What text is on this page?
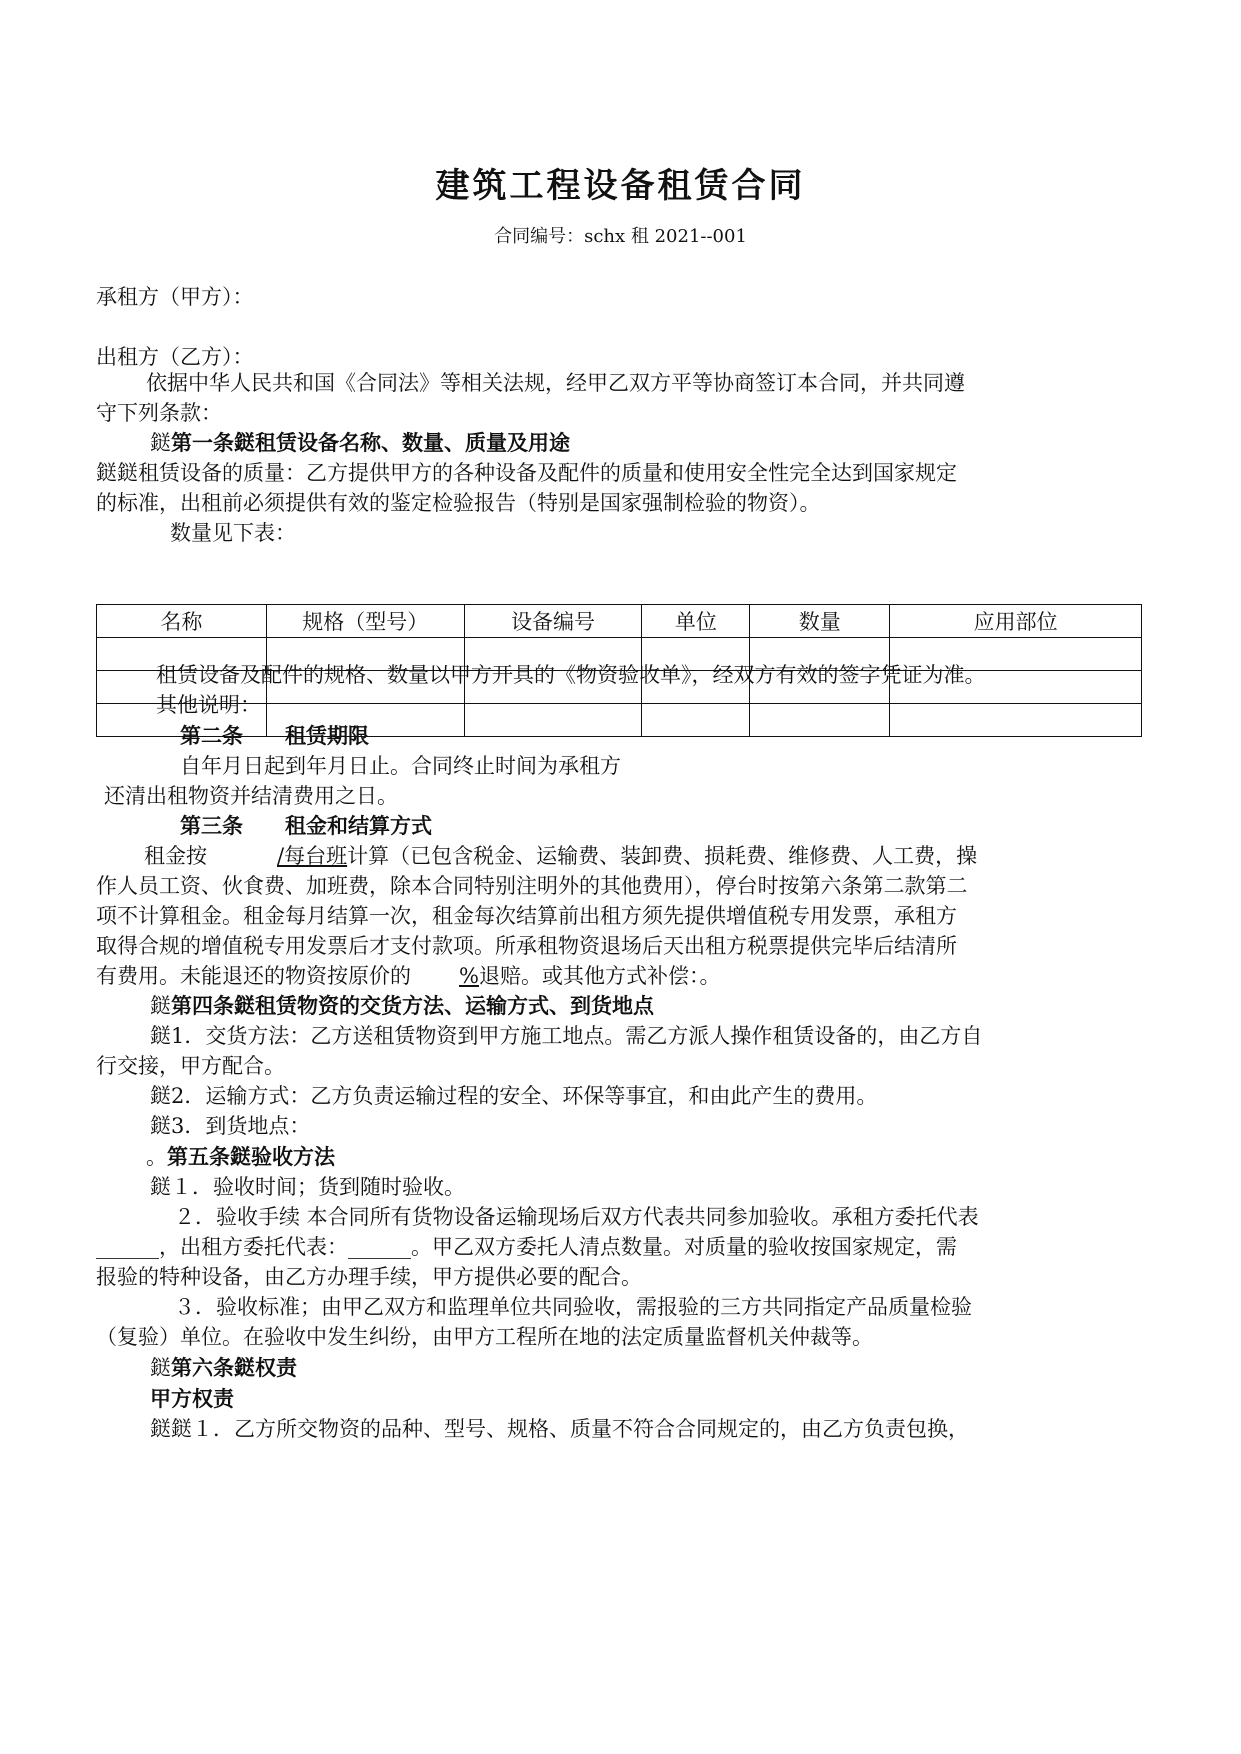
建筑工程设备租赁合同
合同编号：schx 租 2021--001
承租方（甲方）：
出租方（乙方）：
依据中华人民共和国《合同法》等相关法规，经甲乙双方平等协商签订本合同，并共同遵
守下列条款：
鎹第一条鎹租赁设备名称、数量、质量及用途
鎹鎹租赁设备的质量：乙方提供甲方的各种设备及配件的质量和使用安全性完全达到国家规定
的标准，出租前必须提供有效的鉴定检验报告（特别是国家强制检验的物资）。
数量见下表：
名称	规格（型号）	设备编号	单位	数量	应用部位

租赁设备及配件的规格、数量以甲方开具的《物资验收单》，经双方有效的签字凭证为准。
其他说明：
第二条 租赁期限
自年月日起到年月日止。合同终止时间为承租方
还清出租物资并结清费用之日。
第三条 租金和结算方式
租金按	/每台班计算（已包含税金、运输费、装卸费、损耗费、维修费、人工费，操
作人员工资、伙食费、加班费，除本合同特别注明外的其他费用），停台时按第六条第二款第二
项不计算租金。租金每月结算一次，租金每次结算前出租方须先提供增值税专用发票，承租方
取得合规的增值税专用发票后才支付款项。所承租物资退场后天出租方税票提供完毕后结清所
有费用。未能退还的物资按原价的 %退赔。或其他方式补偿：。
鎹第四条鎹租赁物资的交货方法、运输方式、到货地点
鎹1．交货方法：乙方送租赁物资到甲方施工地点。需乙方派人操作租赁设备的，由乙方自
行交接，甲方配合。
鎹2．运输方式：乙方负责运输过程的安全、环保等事宜，和由此产生的费用。
鎹3．到货地点：
。第五条鎹验收方法
鎹１．验收时间；货到随时验收。
２．验收手续 本合同所有货物设备运输现场后双方代表共同参加验收。承租方委托代表
______，出租方委托代表：______。甲乙双方委托人清点数量。对质量的验收按国家规定，需
报验的特种设备，由乙方办理手续，甲方提供必要的配合。
３．验收标准；由甲乙双方和监理单位共同验收，需报验的三方共同指定产品质量检验
（复验）单位。在验收中发生纠纷，由甲方工程所在地的法定质量监督机关仲裁等。
鎹第六条鎹权责
甲方权责
鎹鎹１．乙方所交物资的品种、型号、规格、质量不符合合同规定的，由乙方负责包换，
